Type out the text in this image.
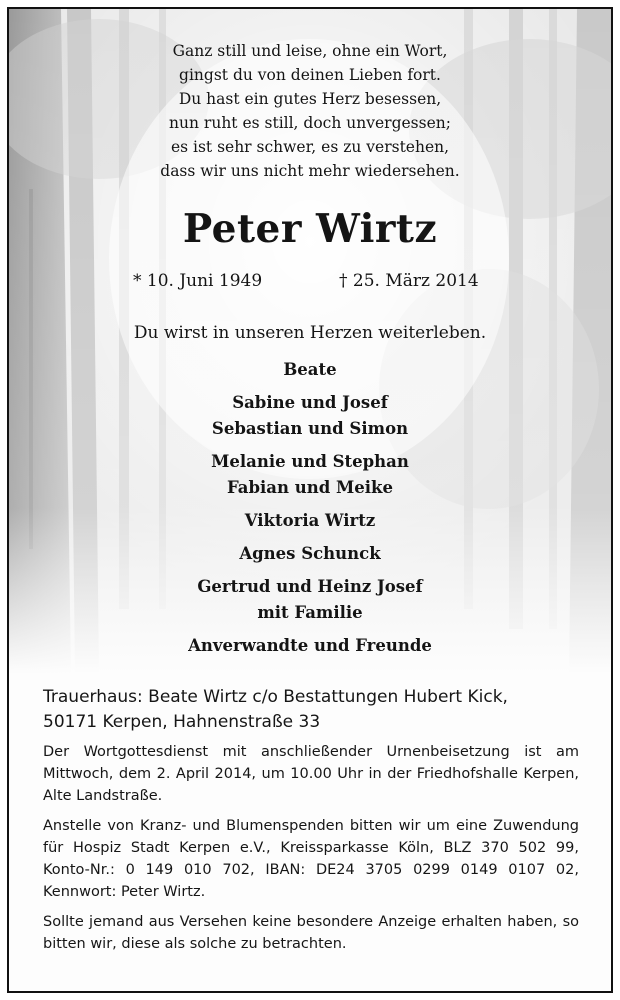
Ganz still und leise, ohne ein Wort,
gingst du von deinen Lieben fort.
Du hast ein gutes Herz besessen,
nun ruht es still, doch unvergessen;
es ist sehr schwer, es zu verstehen,
dass wir uns nicht mehr wiedersehen.
Peter Wirtz
* 10. Juni 1949	† 25. März 2014
Du wirst in unseren Herzen weiterleben.
Beate
Sabine und Josef
Sebastian und Simon
Melanie und Stephan
Fabian und Meike
Viktoria Wirtz
Agnes Schunck
Gertrud und Heinz Josef
mit Familie
Anverwandte und Freunde
Trauerhaus: Beate Wirtz c/o Bestattungen Hubert Kick,
50171 Kerpen, Hahnenstraße 33

Der Wortgottesdienst mit anschließender Urnenbeisetzung ist am Mittwoch, dem 2. April 2014, um 10.00 Uhr in der Friedhofshalle Kerpen, Alte Landstraße.

Anstelle von Kranz- und Blumenspenden bitten wir um eine Zuwendung für Hospiz Stadt Kerpen e.V., Kreissparkasse Köln, BLZ 370 502 99, Konto-Nr.: 0 149 010 702, IBAN: DE24 3705 0299 0149 0107 02, Kennwort: Peter Wirtz.

Sollte jemand aus Versehen keine besondere Anzeige erhalten haben, so bitten wir, diese als solche zu betrachten.
